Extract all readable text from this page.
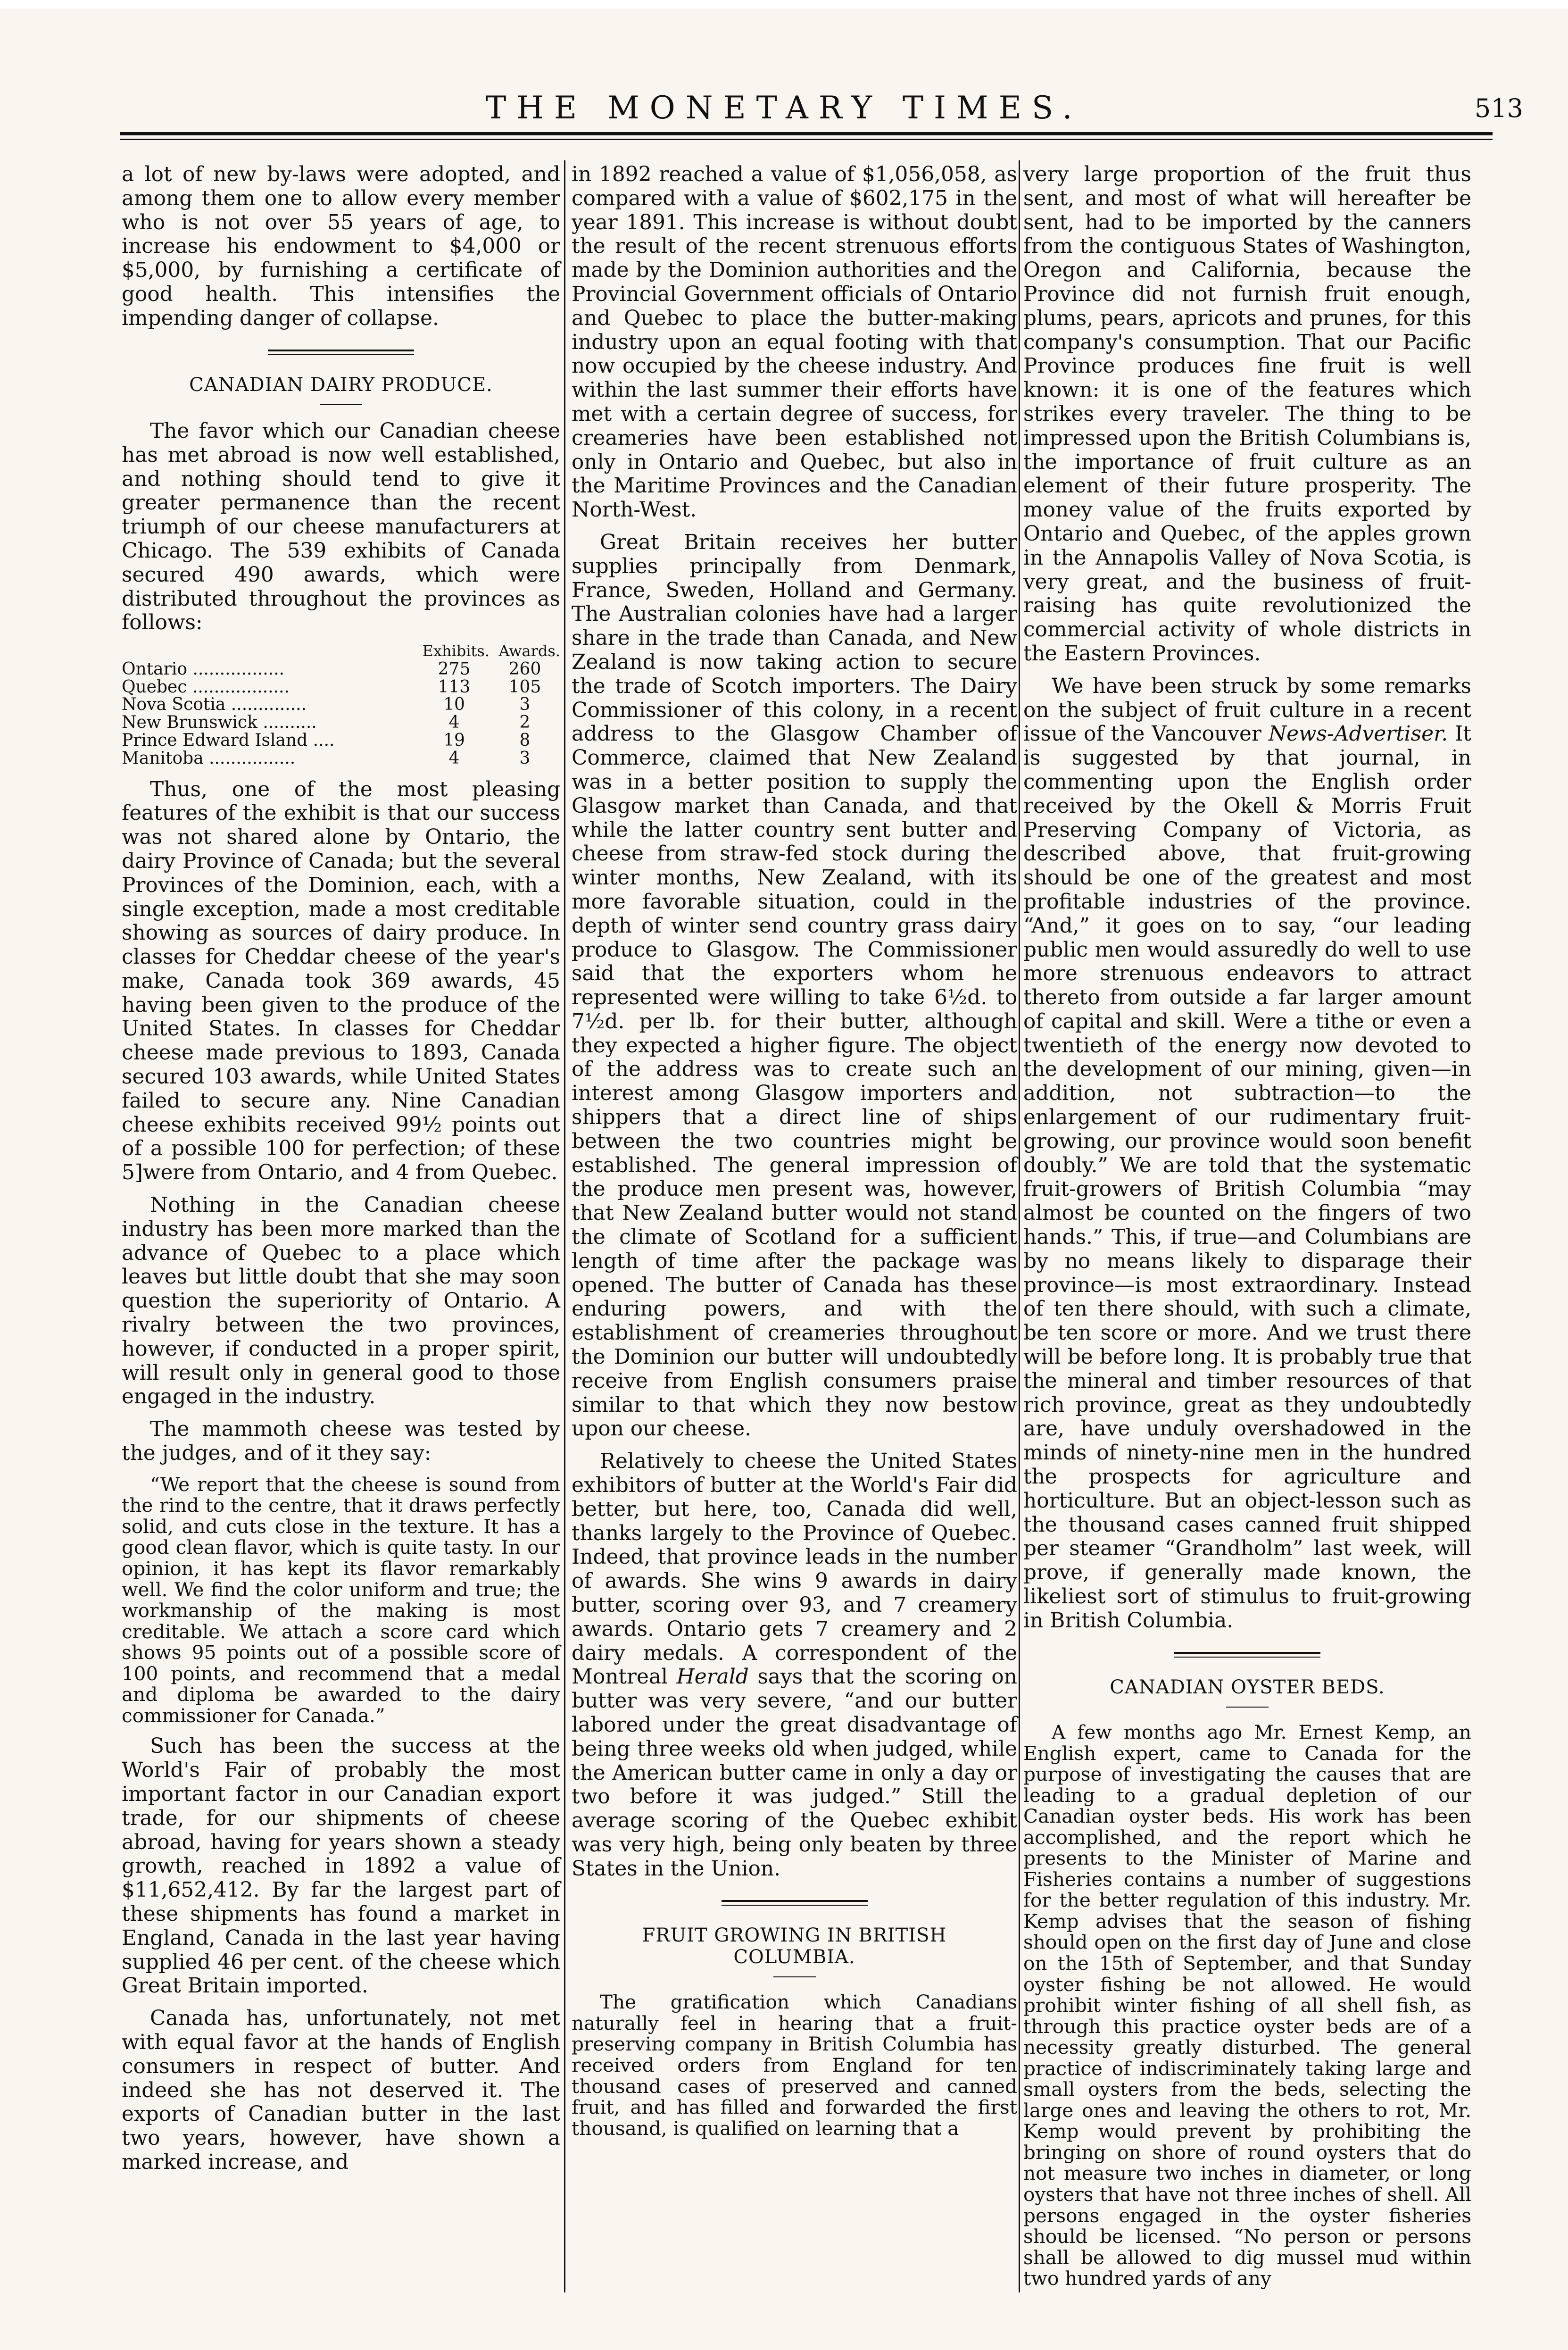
THE MONETARY TIMES.	513

a lot of new by-laws were adopted, and among them one to allow every member who is not over 55 years of age, to increase his endowment to $4,000 or $5,000, by furnishing a certificate of good health. This intensifies the impending danger of collapse.

CANADIAN DAIRY PRODUCE.

The favor which our Canadian cheese has met abroad is now well established, and nothing should tend to give it greater permanence than the recent triumph of our cheese manufacturers at Chicago. The 539 exhibits of Canada secured 490 awards, which were distributed throughout the provinces as follows:

	Exhibits.	Awards.
Ontario .................	275	260
Quebec ..................	113	105
Nova Scotia ..............	10	3
New Brunswick ..........	4	2
Prince Edward Island ....	19	8
Manitoba ................	4	3

Thus, one of the most pleasing features of the exhibit is that our success was not shared alone by Ontario, the dairy Province of Canada; but the several Provinces of the Dominion, each, with a single exception, made a most creditable showing as sources of dairy produce. In classes for Cheddar cheese of the year's make, Canada took 369 awards, 45 having been given to the produce of the United States. In classes for Cheddar cheese made previous to 1893, Canada secured 103 awards, while United States failed to secure any. Nine Canadian cheese exhibits received 99½ points out of a possible 100 for perfection; of these 5]were from Ontario, and 4 from Quebec.

Nothing in the Canadian cheese industry has been more marked than the advance of Quebec to a place which leaves but little doubt that she may soon question the superiority of Ontario. A rivalry between the two provinces, however, if conducted in a proper spirit, will result only in general good to those engaged in the industry.

The mammoth cheese was tested by the judges, and of it they say:

“We report that the cheese is sound from the rind to the centre, that it draws perfectly solid, and cuts close in the texture. It has a good clean flavor, which is quite tasty. In our opinion, it has kept its flavor remarkably well. We find the color uniform and true; the workmanship of the making is most creditable. We attach a score card which shows 95 points out of a possible score of 100 points, and recommend that a medal and diploma be awarded to the dairy commissioner for Canada.”

Such has been the success at the World's Fair of probably the most important factor in our Canadian export trade, for our shipments of cheese abroad, having for years shown a steady growth, reached in 1892 a value of $11,652,412. By far the largest part of these shipments has found a market in England, Canada in the last year having supplied 46 per cent. of the cheese which Great Britain imported.

Canada has, unfortunately, not met with equal favor at the hands of English consumers in respect of butter. And indeed she has not deserved it. The exports of Canadian butter in the last two years, however, have shown a marked increase, and

in 1892 reached a value of $1,056,058, as compared with a value of $602,175 in the year 1891. This increase is without doubt the result of the recent strenuous efforts made by the Dominion authorities and the Provincial Government officials of Ontario and Quebec to place the butter-making industry upon an equal footing with that now occupied by the cheese industry. And within the last summer their efforts have met with a certain degree of success, for creameries have been established not only in Ontario and Quebec, but also in the Maritime Provinces and the Canadian North-West.

Great Britain receives her butter supplies principally from Denmark, France, Sweden, Holland and Germany. The Australian colonies have had a larger share in the trade than Canada, and New Zealand is now taking action to secure the trade of Scotch importers. The Dairy Commissioner of this colony, in a recent address to the Glasgow Chamber of Commerce, claimed that New Zealand was in a better position to supply the Glasgow market than Canada, and that while the latter country sent butter and cheese from straw-fed stock during the winter months, New Zealand, with its more favorable situation, could in the depth of winter send country grass dairy produce to Glasgow. The Commissioner said that the exporters whom he represented were willing to take 6½d. to 7½d. per lb. for their butter, although they expected a higher figure. The object of the address was to create such an interest among Glasgow importers and shippers that a direct line of ships between the two countries might be established. The general impression of the produce men present was, however, that New Zealand butter would not stand the climate of Scotland for a sufficient length of time after the package was opened. The butter of Canada has these enduring powers, and with the establishment of creameries throughout the Dominion our butter will undoubtedly receive from English consumers praise similar to that which they now bestow upon our cheese.

Relatively to cheese the United States exhibitors of butter at the World's Fair did better, but here, too, Canada did well, thanks largely to the Province of Quebec. Indeed, that province leads in the number of awards. She wins 9 awards in dairy butter, scoring over 93, and 7 creamery awards. Ontario gets 7 creamery and 2 dairy medals. A correspondent of the Montreal Herald says that the scoring on butter was very severe, “and our butter labored under the great disadvantage of being three weeks old when judged, while the American butter came in only a day or two before it was judged.” Still the average scoring of the Quebec exhibit was very high, being only beaten by three States in the Union.

FRUIT GROWING IN BRITISH COLUMBIA.

The gratification which Canadians naturally feel in hearing that a fruit-preserving company in British Columbia has received orders from England for ten thousand cases of preserved and canned fruit, and has filled and forwarded the first thousand, is qualified on learning that a

very large proportion of the fruit thus sent, and most of what will hereafter be sent, had to be imported by the canners from the contiguous States of Washington, Oregon and California, because the Province did not furnish fruit enough, plums, pears, apricots and prunes, for this company's consumption. That our Pacific Province produces fine fruit is well known: it is one of the features which strikes every traveler. The thing to be impressed upon the British Columbians is, the importance of fruit culture as an element of their future prosperity. The money value of the fruits exported by Ontario and Quebec, of the apples grown in the Annapolis Valley of Nova Scotia, is very great, and the business of fruit-raising has quite revolutionized the commercial activity of whole districts in the Eastern Provinces.

We have been struck by some remarks on the subject of fruit culture in a recent issue of the Vancouver News-Advertiser. It is suggested by that journal, in commenting upon the English order received by the Okell & Morris Fruit Preserving Company of Victoria, as described above, that fruit-growing should be one of the greatest and most profitable industries of the province. “And,” it goes on to say, “our leading public men would assuredly do well to use more strenuous endeavors to attract thereto from outside a far larger amount of capital and skill. Were a tithe or even a twentieth of the energy now devoted to the development of our mining, given—in addition, not subtraction—to the enlargement of our rudimentary fruit-growing, our province would soon benefit doubly.” We are told that the systematic fruit-growers of British Columbia “may almost be counted on the fingers of two hands.” This, if true—and Columbians are by no means likely to disparage their province—is most extraordinary. Instead of ten there should, with such a climate, be ten score or more. And we trust there will be before long. It is probably true that the mineral and timber resources of that rich province, great as they undoubtedly are, have unduly overshadowed in the minds of ninety-nine men in the hundred the prospects for agriculture and horticulture. But an object-lesson such as the thousand cases canned fruit shipped per steamer “Grandholm” last week, will prove, if generally made known, the likeliest sort of stimulus to fruit-growing in British Columbia.

CANADIAN OYSTER BEDS.

A few months ago Mr. Ernest Kemp, an English expert, came to Canada for the purpose of investigating the causes that are leading to a gradual depletion of our Canadian oyster beds. His work has been accomplished, and the report which he presents to the Minister of Marine and Fisheries contains a number of suggestions for the better regulation of this industry. Mr. Kemp advises that the season of fishing should open on the first day of June and close on the 15th of September, and that Sunday oyster fishing be not allowed. He would prohibit winter fishing of all shell fish, as through this practice oyster beds are of a necessity greatly disturbed. The general practice of indiscriminately taking large and small oysters from the beds, selecting the large ones and leaving the others to rot, Mr. Kemp would prevent by prohibiting the bringing on shore of round oysters that do not measure two inches in diameter, or long oysters that have not three inches of shell. All persons engaged in the oyster fisheries should be licensed. “No person or persons shall be allowed to dig mussel mud within two hundred yards of any
